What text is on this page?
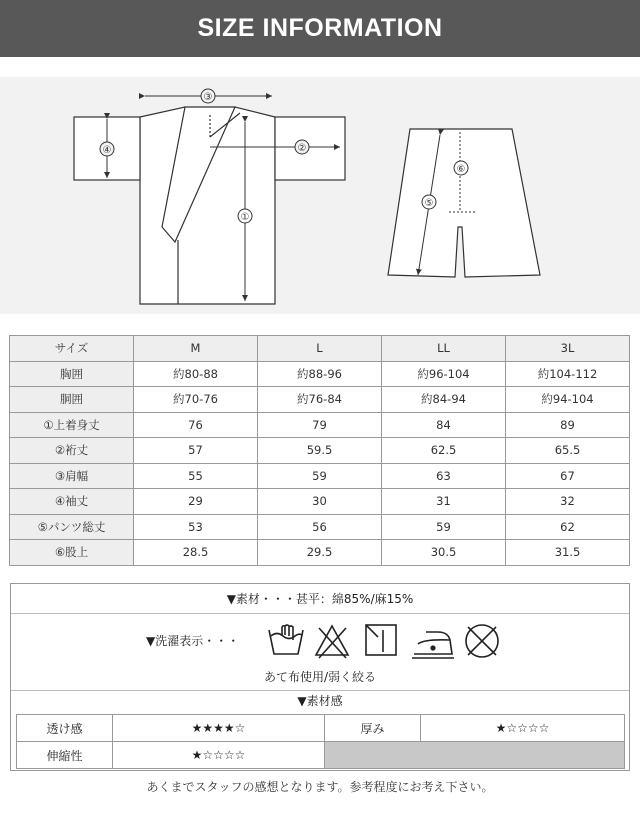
SIZE INFORMATION
③
②
④
①
⑥
⑤
サイズ	M	L	LL	3L
胸囲	約80-88	約88-96	約96-104	約104-112
胴囲	約70-76	約76-84	約84-94	約94-104
①上着身丈	76	79	84	89
②裄丈	57	59.5	62.5	65.5
③肩幅	55	59	63	67
④袖丈	29	30	31	32
⑤パンツ総丈	53	56	59	62
⑥股上	28.5	29.5	30.5	31.5
▼素材・・・甚平：綿85%/麻15%
▼洗濯表示・・・
あて布使用/弱く絞る
▼素材感
透け感	★★★★☆	厚み	★☆☆☆☆
伸縮性	★☆☆☆☆		
あくまでスタッフの感想となります。参考程度にお考え下さい。
